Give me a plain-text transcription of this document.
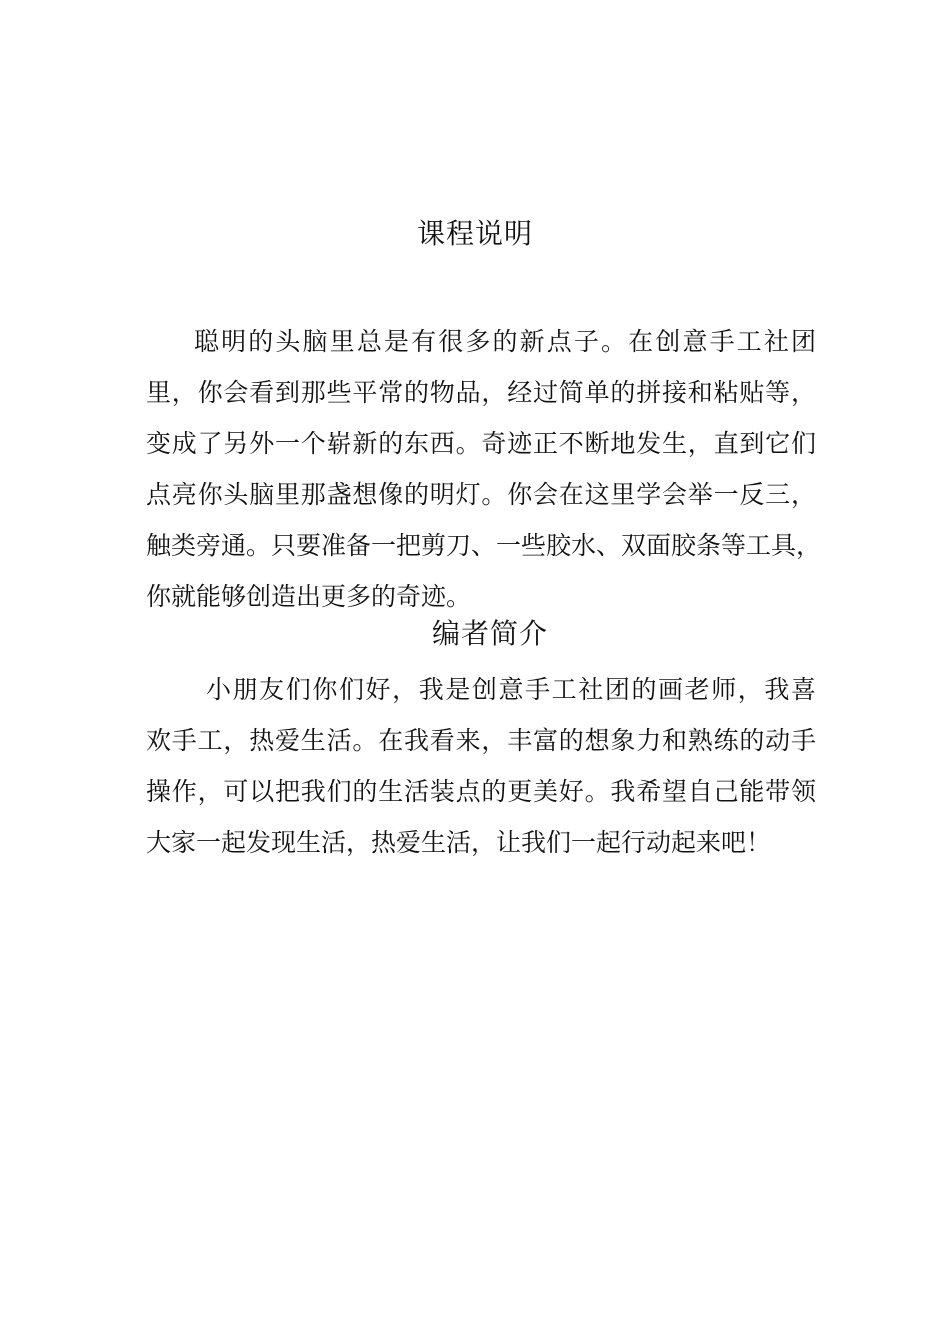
课程说明
聪明的头脑里总是有很多的新点子。在创意手工社团
里，你会看到那些平常的物品，经过简单的拼接和粘贴等，
变成了另外一个崭新的东西。奇迹正不断地发生，直到它们
点亮你头脑里那盏想像的明灯。你会在这里学会举一反三，
触类旁通。只要准备一把剪刀、一些胶水、双面胶条等工具，
你就能够创造出更多的奇迹。
编者简介
小朋友们你们好，我是创意手工社团的画老师，我喜
欢手工，热爱生活。在我看来，丰富的想象力和熟练的动手
操作，可以把我们的生活装点的更美好。我希望自己能带领
大家一起发现生活，热爱生活，让我们一起行动起来吧！
